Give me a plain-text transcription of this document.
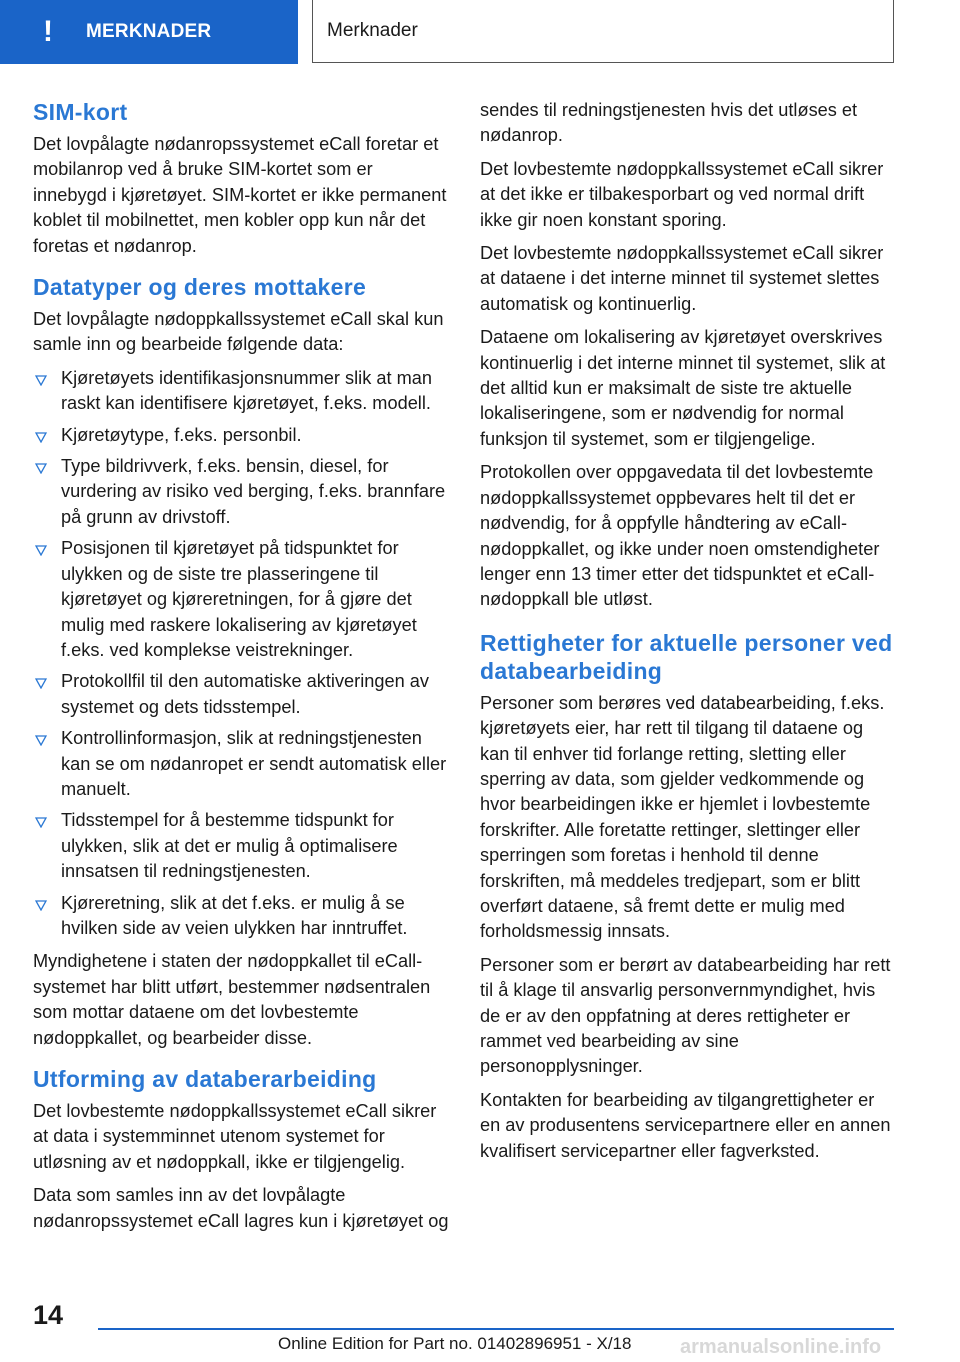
! MERKNADER	Merknader
SIM-kort

Det lovpålagte nødanropssystemet eCall foretar et mobilanrop ved å bruke SIM-kortet som er innebygd i kjøretøyet. SIM-kortet er ikke permanent koblet til mobilnettet, men kobler opp kun når det foretas et nødanrop.

Datatyper og deres mottakere

Det lovpålagte nødoppkallssystemet eCall skal kun samle inn og bearbeide følgende data:

Kjøretøyets identifikasjonsnummer slik at man raskt kan identifisere kjøretøyet, f.eks. modell.
Kjøretøytype, f.eks. personbil.
Type bildrivverk, f.eks. bensin, diesel, for vurdering av risiko ved berging, f.eks. brannfare på grunn av drivstoff.
Posisjonen til kjøretøyet på tidspunktet for ulykken og de siste tre plasseringene til kjøretøyet og kjøreretningen, for å gjøre det mulig med raskere lokalisering av kjøretøyet f.eks. ved komplekse veistrekninger.
Protokollfil til den automatiske aktiveringen av systemet og dets tidsstempel.
Kontrollinformasjon, slik at redningstjenesten kan se om nødanropet er sendt automatisk eller manuelt.
Tidsstempel for å bestemme tidspunkt for ulykken, slik at det er mulig å optimalisere innsatsen til redningstjenesten.
Kjøreretning, slik at det f.eks. er mulig å se hvilken side av veien ulykken har inntruffet.

Myndighetene i staten der nødoppkallet til eCall-systemet har blitt utført, bestemmer nødsentralen som mottar dataene om det lovbestemte nødoppkallet, og bearbeider disse.

Utforming av databerarbeiding

Det lovbestemte nødoppkallssystemet eCall sikrer at data i systemminnet utenom systemet for utløsning av et nødoppkall, ikke er tilgjengelig.

Data som samles inn av det lovpålagte nødanropssystemet eCall lagres kun i kjøretøyet og

sendes til redningstjenesten hvis det utløses et nødanrop.

Det lovbestemte nødoppkallssystemet eCall sikrer at det ikke er tilbakesporbart og ved normal drift ikke gir noen konstant sporing.

Det lovbestemte nødoppkallssystemet eCall sikrer at dataene i det interne minnet til systemet slettes automatisk og kontinuerlig.

Dataene om lokalisering av kjøretøyet overskrives kontinuerlig i det interne minnet til systemet, slik at det alltid kun er maksimalt de siste tre aktuelle lokaliseringene, som er nødvendig for normal funksjon til systemet, som er tilgjengelige.

Protokollen over oppgavedata til det lovbestemte nødoppkallssystemet oppbevares helt til det er nødvendig, for å oppfylle håndtering av eCall-nødoppkallet, og ikke under noen omstendigheter lenger enn 13 timer etter det tidspunktet et eCall-nødoppkall ble utløst.

Rettigheter for aktuelle personer ved databearbeiding

Personer som berøres ved databearbeiding, f.eks. kjøretøyets eier, har rett til tilgang til dataene og kan til enhver tid forlange retting, sletting eller sperring av data, som gjelder vedkommende og hvor bearbeidingen ikke er hjemlet i lovbestemte forskrifter. Alle foretatte rettinger, slettinger eller sperringen som foretas i henhold til denne forskriften, må meddeles tredjepart, som er blitt overført dataene, så fremt dette er mulig med forholdsmessig innsats.

Personer som er berørt av databearbeiding har rett til å klage til ansvarlig personvernmyndighet, hvis de er av den oppfatning at deres rettigheter er rammet ved bearbeiding av sine personopplysninger.

Kontakten for bearbeiding av tilgangrettigheter er en av produsentens servicepartnere eller en annen kvalifisert servicepartner eller fagverksted.

14
Online Edition for Part no. 01402896951 - X/18 armanualsonline.info
